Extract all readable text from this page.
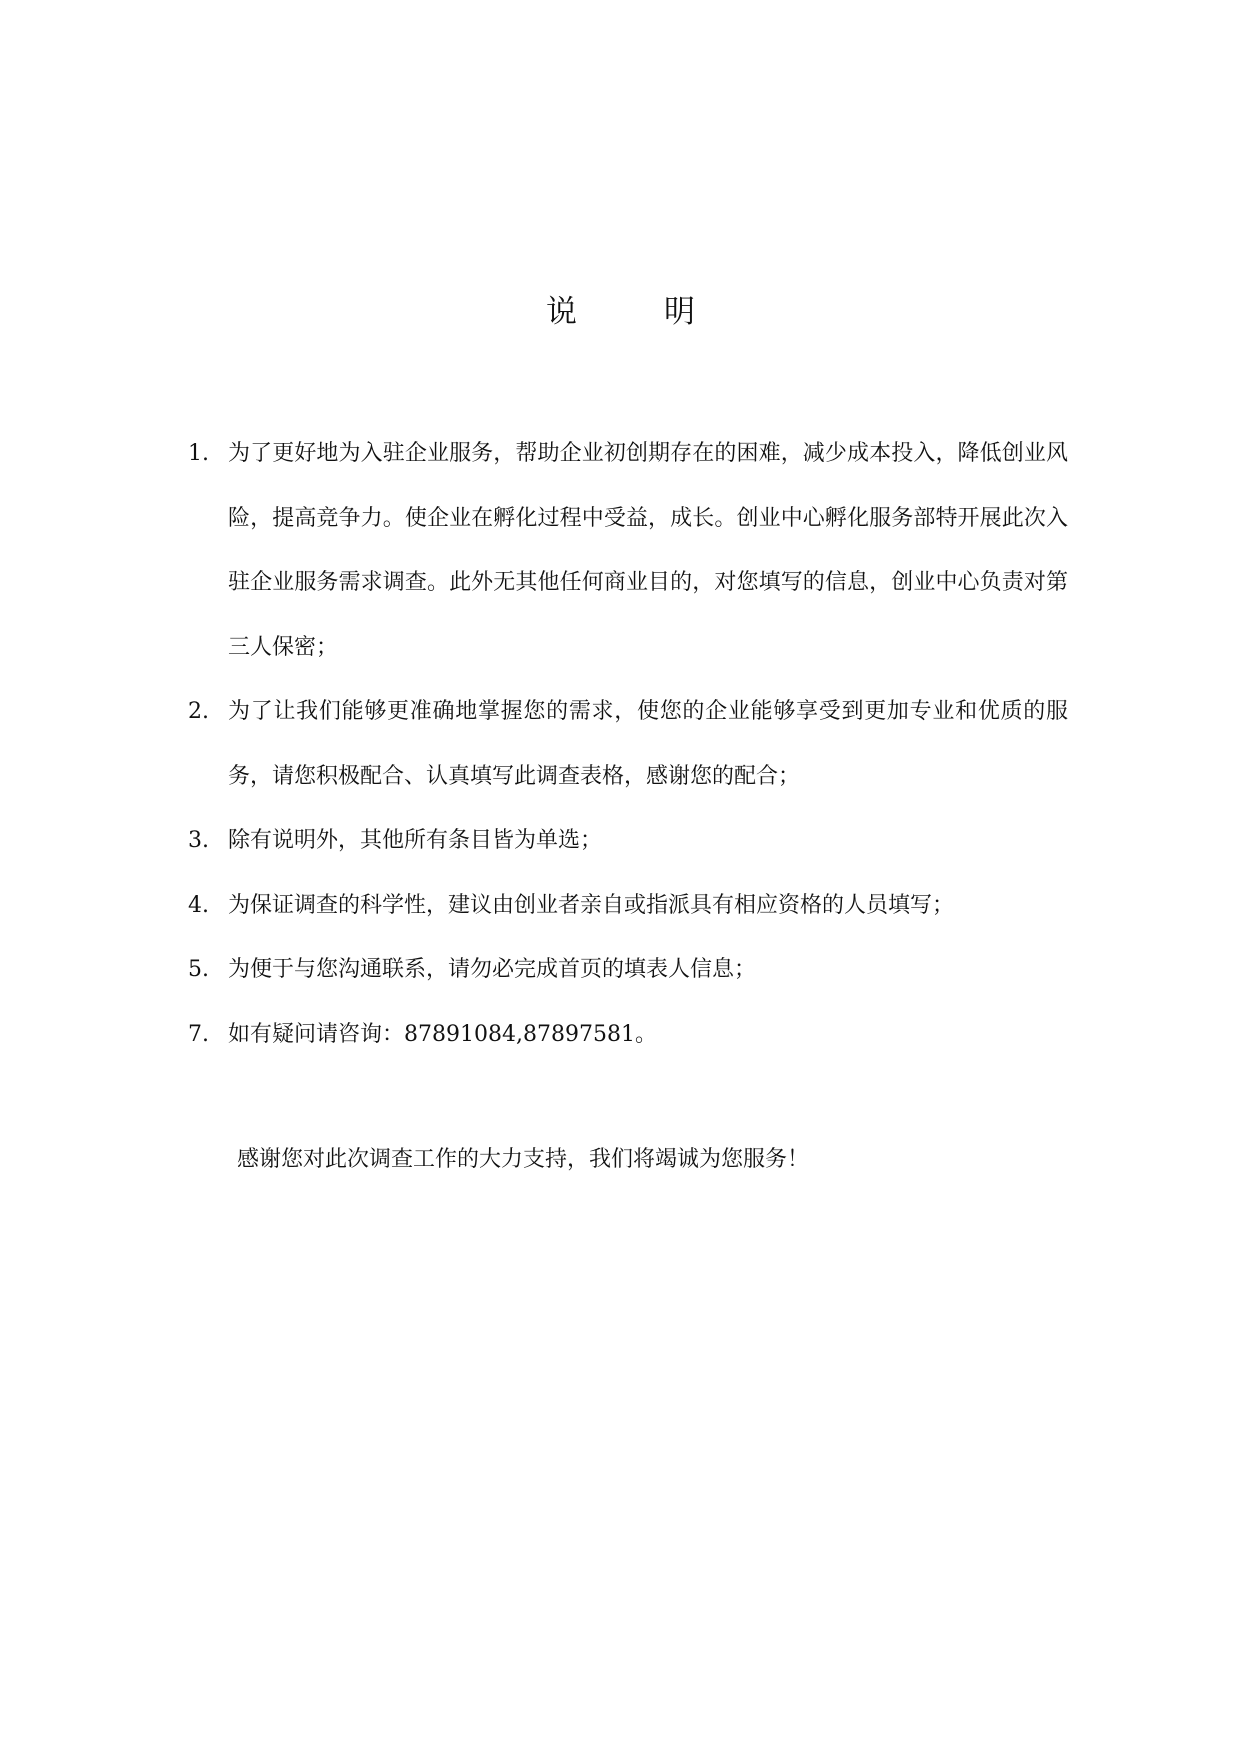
说　明
1. 为了更好地为入驻企业服务，帮助企业初创期存在的困难，减少成本投入，降低创业风险，提高竞争力。使企业在孵化过程中受益，成长。创业中心孵化服务部特开展此次入驻企业服务需求调查。此外无其他任何商业目的，对您填写的信息，创业中心负责对第三人保密；
2. 为了让我们能够更准确地掌握您的需求，使您的企业能够享受到更加专业和优质的服务，请您积极配合、认真填写此调查表格，感谢您的配合；
3. 除有说明外，其他所有条目皆为单选；
4. 为保证调查的科学性，建议由创业者亲自或指派具有相应资格的人员填写；
5. 为便于与您沟通联系，请勿必完成首页的填表人信息；
7. 如有疑问请咨询：87891084,87897581。
感谢您对此次调查工作的大力支持，我们将竭诚为您服务！
